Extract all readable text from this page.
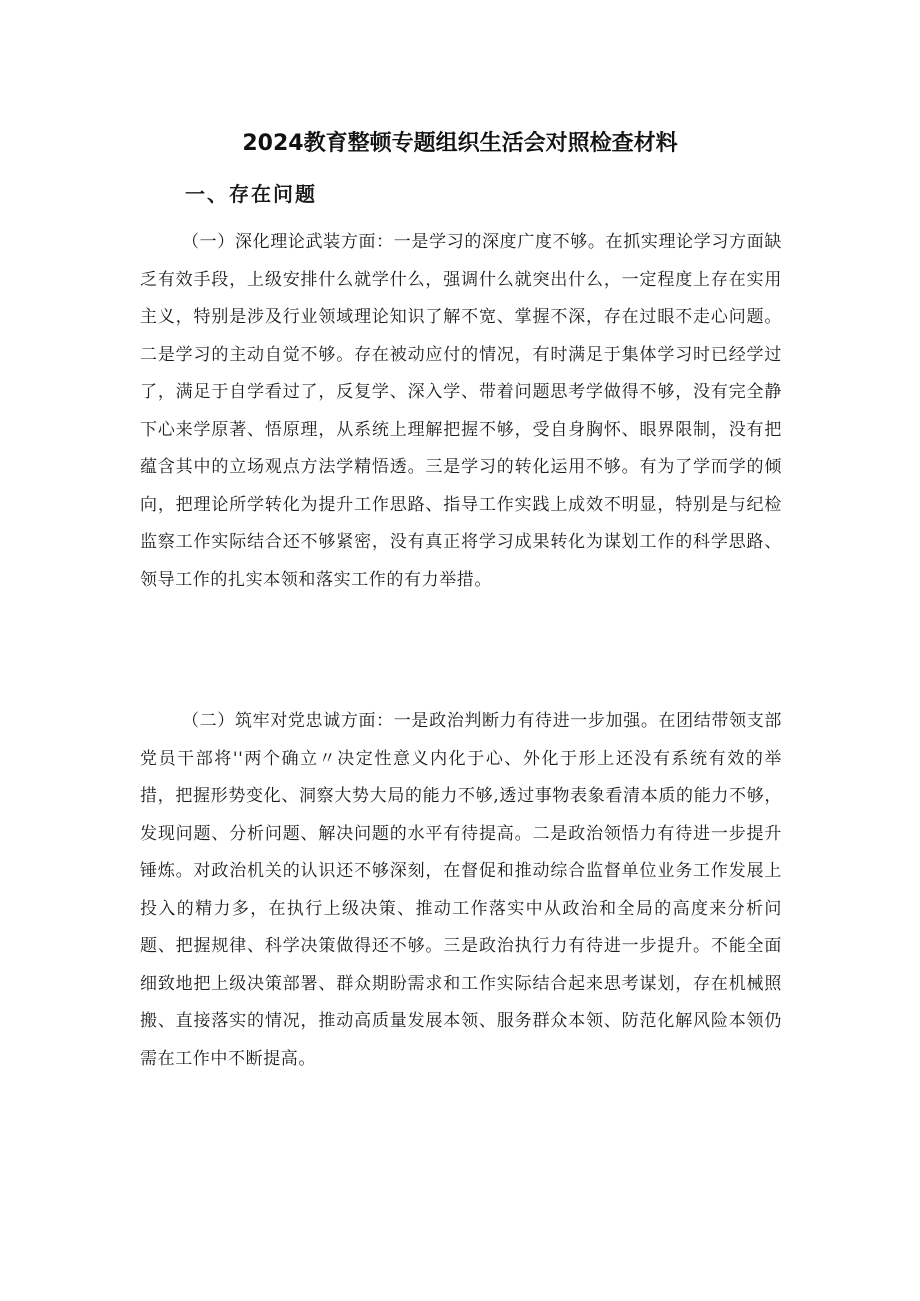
2024教育整顿专题组织生活会对照检查材料
一、存在问题

（一）深化理论武装方面：一是学习的深度广度不够。在抓实理论学习方面缺乏有效手段，上级安排什么就学什么，强调什么就突出什么，一定程度上存在实用主义，特别是涉及行业领域理论知识了解不宽、掌握不深，存在过眼不走心问题。二是学习的主动自觉不够。存在被动应付的情况，有时满足于集体学习时已经学过了，满足于自学看过了，反复学、深入学、带着问题思考学做得不够，没有完全静下心来学原著、悟原理，从系统上理解把握不够，受自身胸怀、眼界限制，没有把蕴含其中的立场观点方法学精悟透。三是学习的转化运用不够。有为了学而学的倾向，把理论所学转化为提升工作思路、指导工作实践上成效不明显，特别是与纪检监察工作实际结合还不够紧密，没有真正将学习成果转化为谋划工作的科学思路、领导工作的扎实本领和落实工作的有力举措。

（二）筑牢对党忠诚方面：一是政治判断力有待进一步加强。在团结带领支部党员干部将''两个确立〃决定性意义内化于心、外化于形上还没有系统有效的举措，把握形势变化、洞察大势大局的能力不够,透过事物表象看清本质的能力不够，发现问题、分析问题、解决问题的水平有待提高。二是政治领悟力有待进一步提升锤炼。对政治机关的认识还不够深刻，在督促和推动综合监督单位业务工作发展上投入的精力多，在执行上级决策、推动工作落实中从政治和全局的高度来分析问题、把握规律、科学决策做得还不够。三是政治执行力有待进一步提升。不能全面细致地把上级决策部署、群众期盼需求和工作实际结合起来思考谋划，存在机械照搬、直接落实的情况，推动高质量发展本领、服务群众本领、防范化解风险本领仍需在工作中不断提高。
